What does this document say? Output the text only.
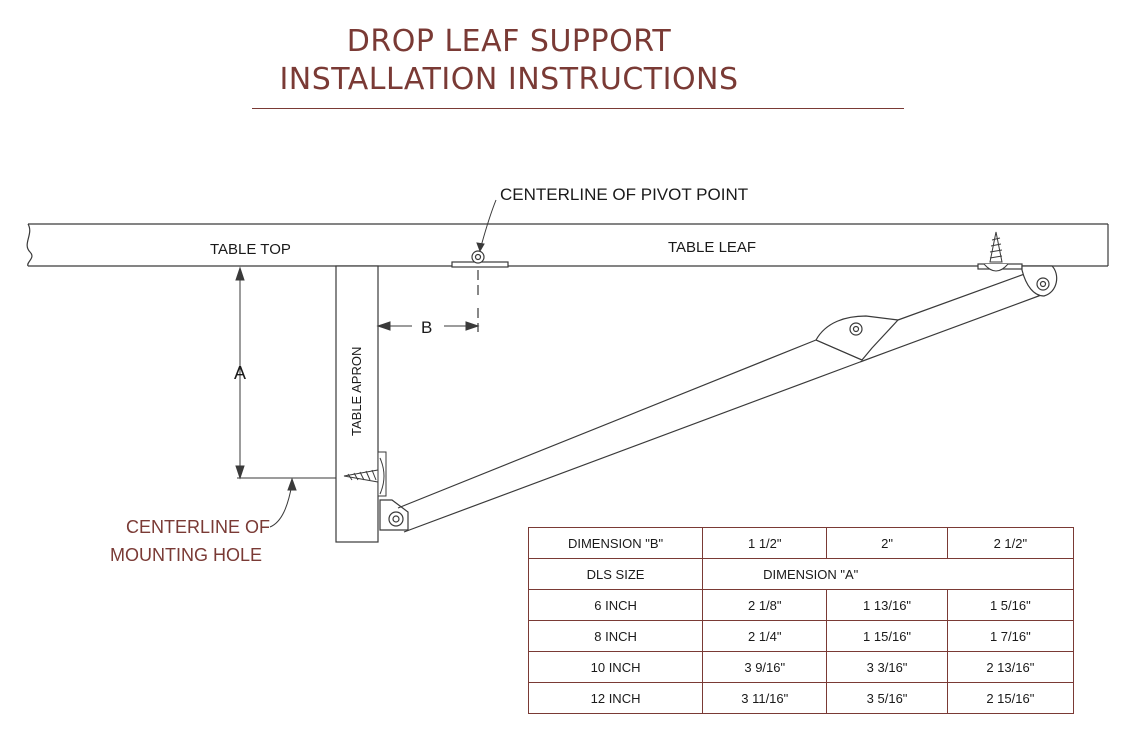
DROP LEAF SUPPORT
INSTALLATION INSTRUCTIONS
CENTERLINE OF PIVOT POINT
TABLE TOP	TABLE LEAF
TABLE APRON
A
B
CENTERLINE OF
MOUNTING HOLE
DIMENSION "B"	1 1/2"	2"	2 1/2"
DLS SIZE	DIMENSION "A"		
6 INCH	2 1/8"	1 13/16"	1 5/16"
8 INCH	2 1/4"	1 15/16"	1 7/16"
10 INCH	3 9/16"	3 3/16"	2 13/16"
12 INCH	3 11/16"	3 5/16"	2 15/16"
